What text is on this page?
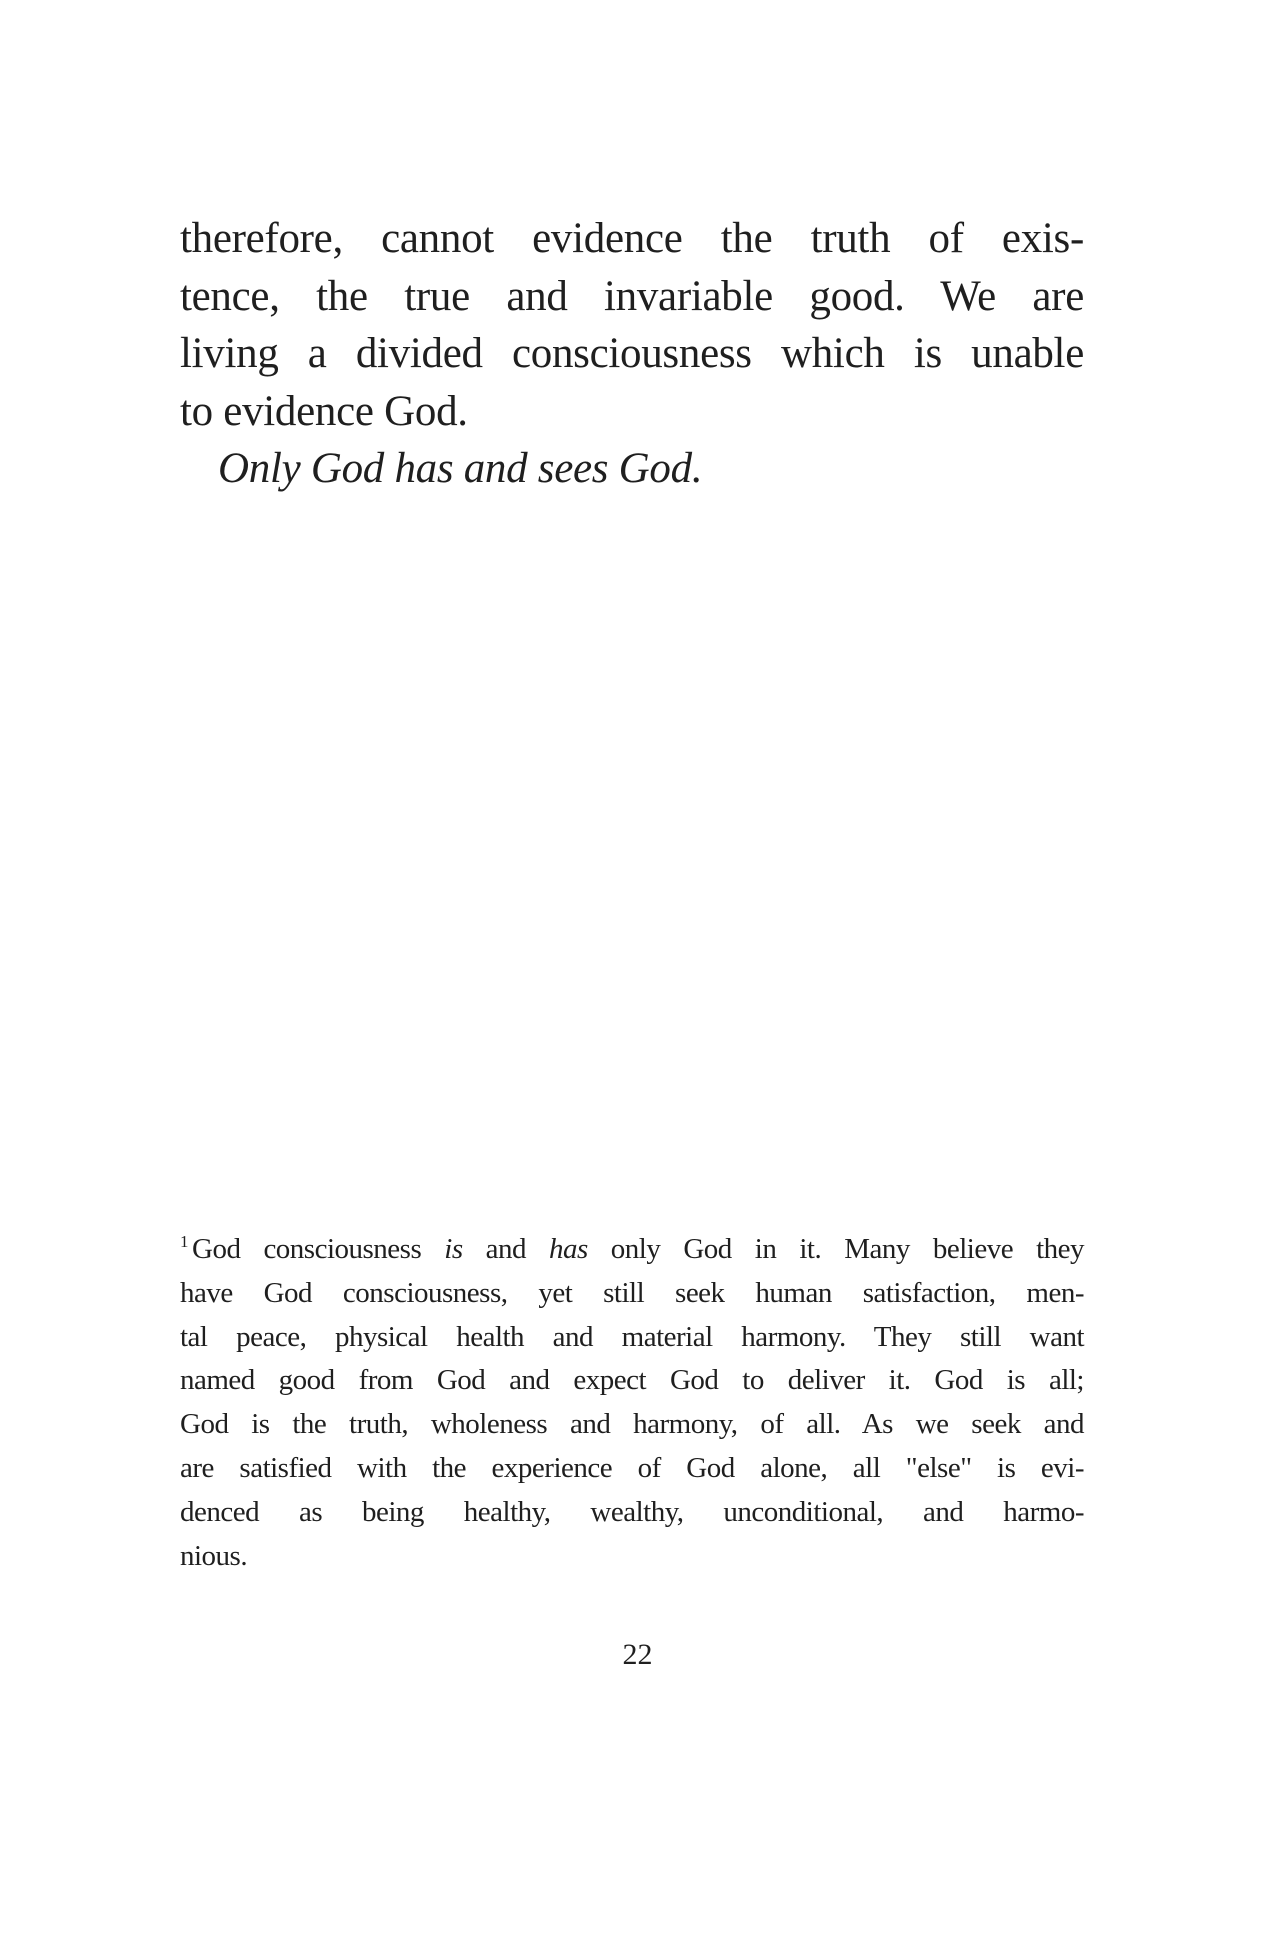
therefore, cannot evidence the truth of exis-
tence, the true and invariable good. We are
living a divided consciousness which is unable
to evidence God.
Only God has and sees God.
$^1$ God consciousness is and has only God in it. Many believe they
have God consciousness, yet still seek human satisfaction, men-
tal peace, physical health and material harmony. They still want
named good from God and expect God to deliver it. God is all;
God is the truth, wholeness and harmony, of all. As we seek and
are satisfied with the experience of God alone, all "else" is evi-
denced as being healthy, wealthy, unconditional, and harmo-
nious.
22
